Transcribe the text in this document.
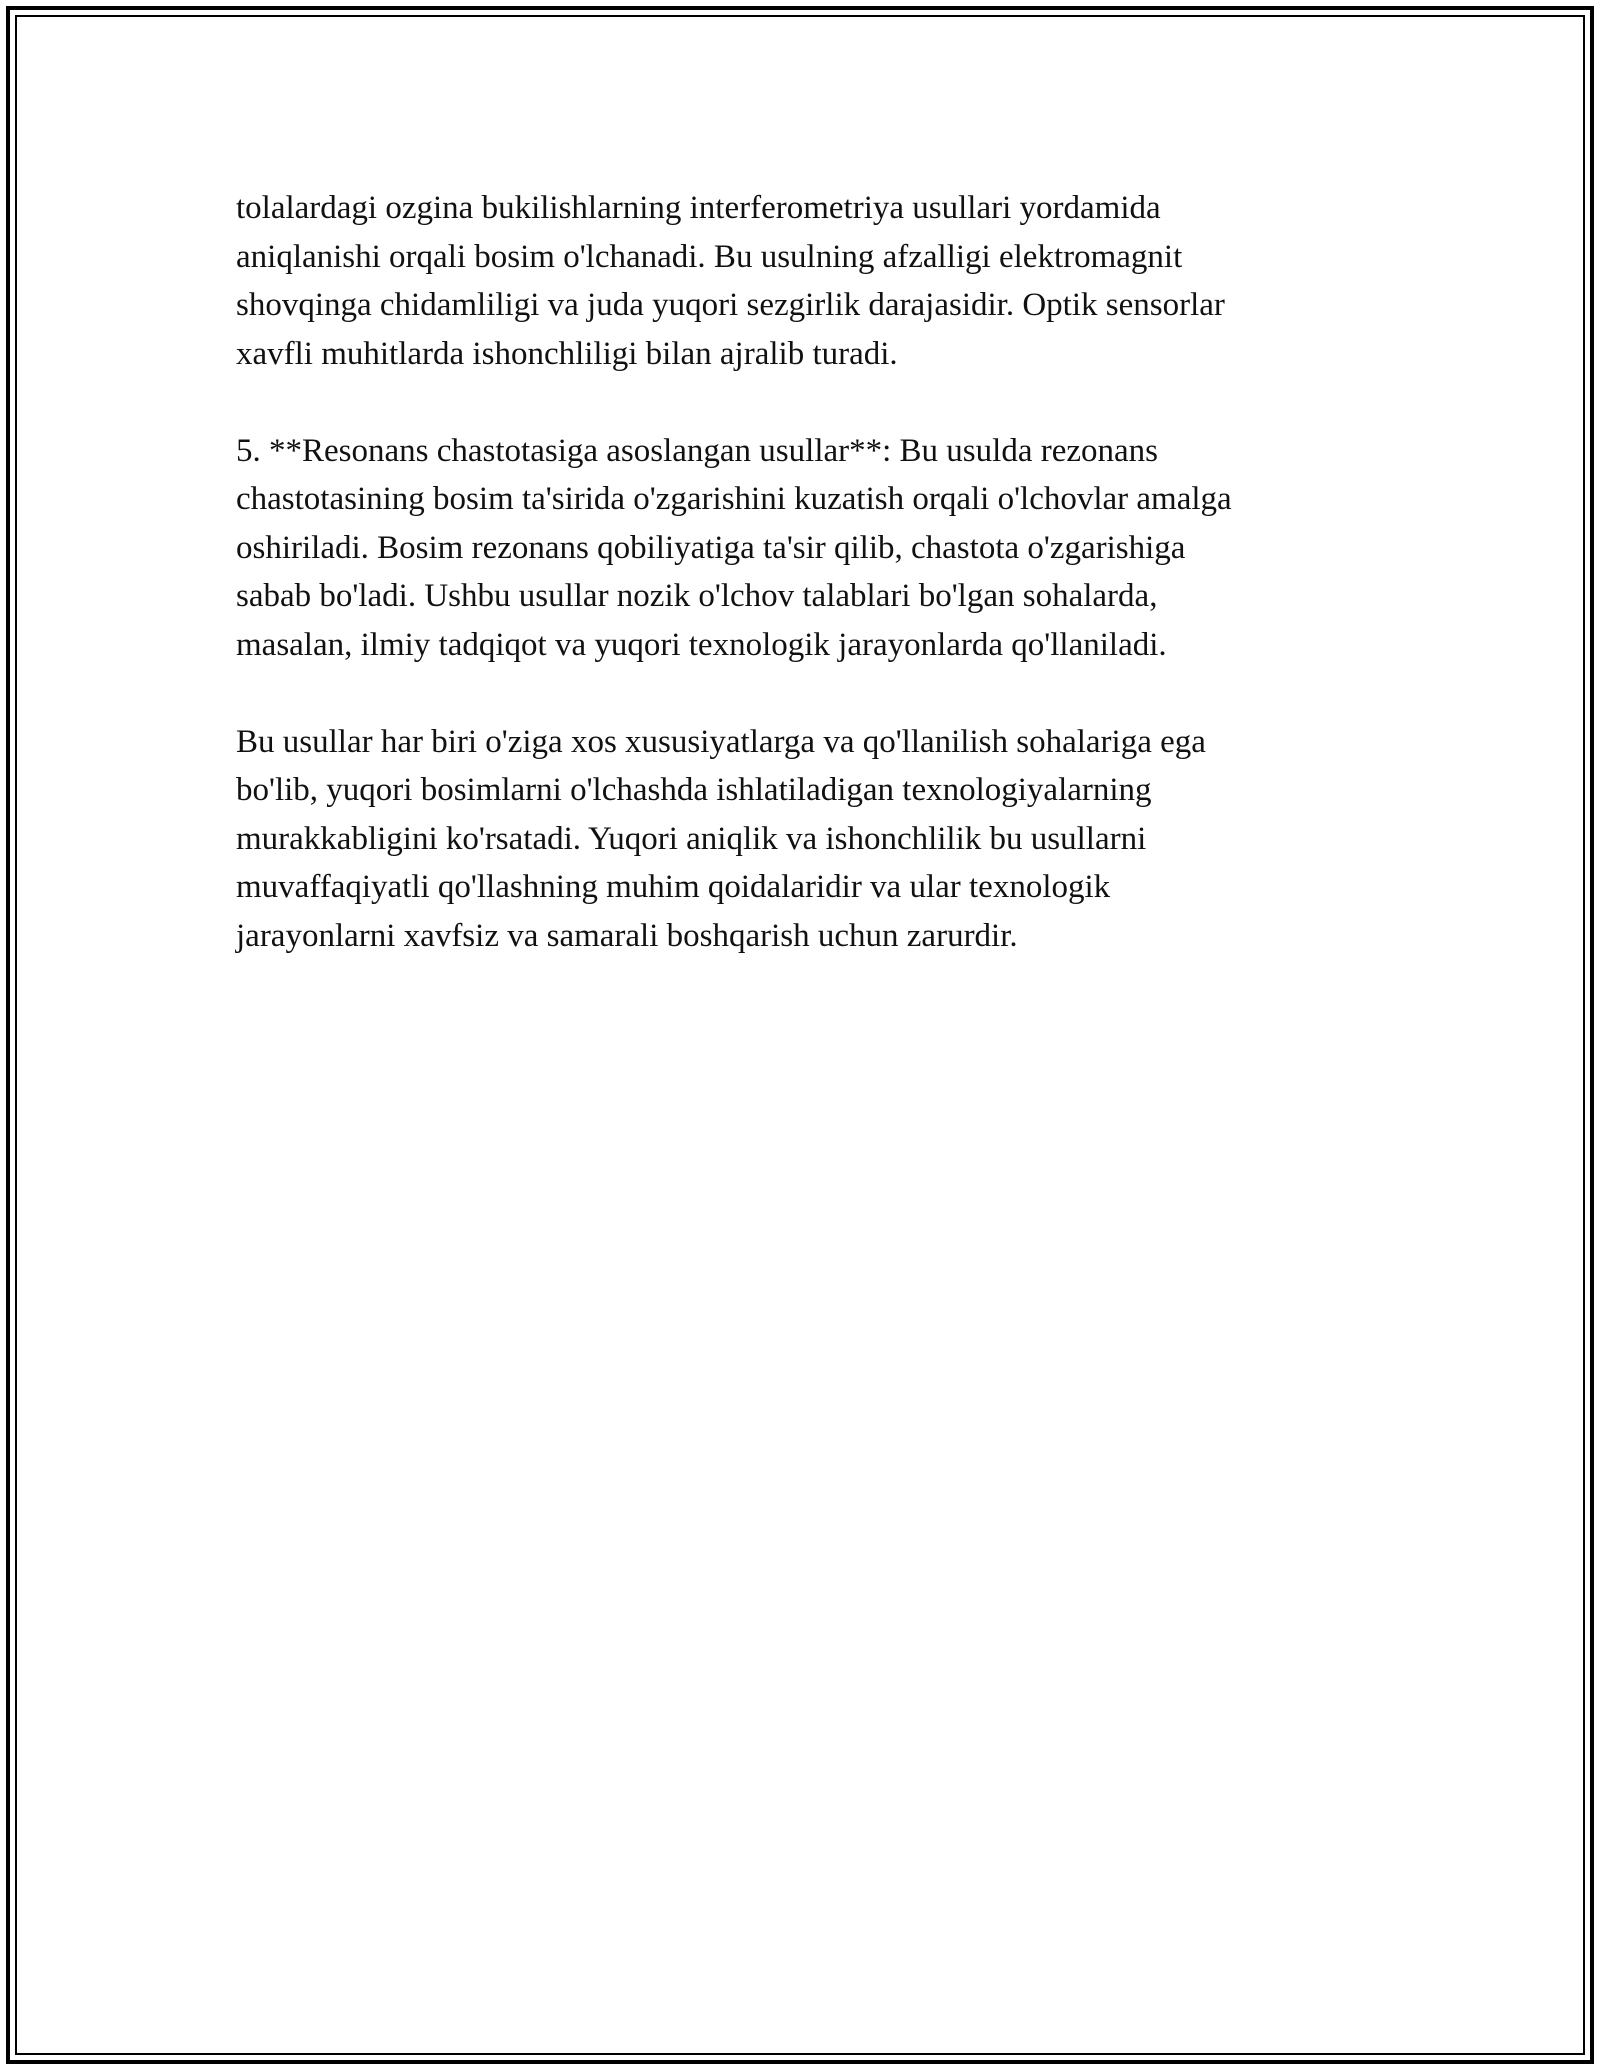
tolalardagi ozgina bukilishlarning interferometriya usullari yordamida
aniqlanishi orqali bosim o'lchanadi. Bu usulning afzalligi elektromagnit
shovqinga chidamliligi va juda yuqori sezgirlik darajasidir. Optik sensorlar
xavfli muhitlarda ishonchliligi bilan ajralib turadi.

5. **Resonans chastotasiga asoslangan usullar**: Bu usulda rezonans
chastotasining bosim ta'sirida o'zgarishini kuzatish orqali o'lchovlar amalga
oshiriladi. Bosim rezonans qobiliyatiga ta'sir qilib, chastota o'zgarishiga
sabab bo'ladi. Ushbu usullar nozik o'lchov talablari bo'lgan sohalarda,
masalan, ilmiy tadqiqot va yuqori texnologik jarayonlarda qo'llaniladi.

Bu usullar har biri o'ziga xos xususiyatlarga va qo'llanilish sohalariga ega
bo'lib, yuqori bosimlarni o'lchashda ishlatiladigan texnologiyalarning
murakkabligini ko'rsatadi. Yuqori aniqlik va ishonchlilik bu usullarni
muvaffaqiyatli qo'llashning muhim qoidalaridir va ular texnologik
jarayonlarni xavfsiz va samarali boshqarish uchun zarurdir.
